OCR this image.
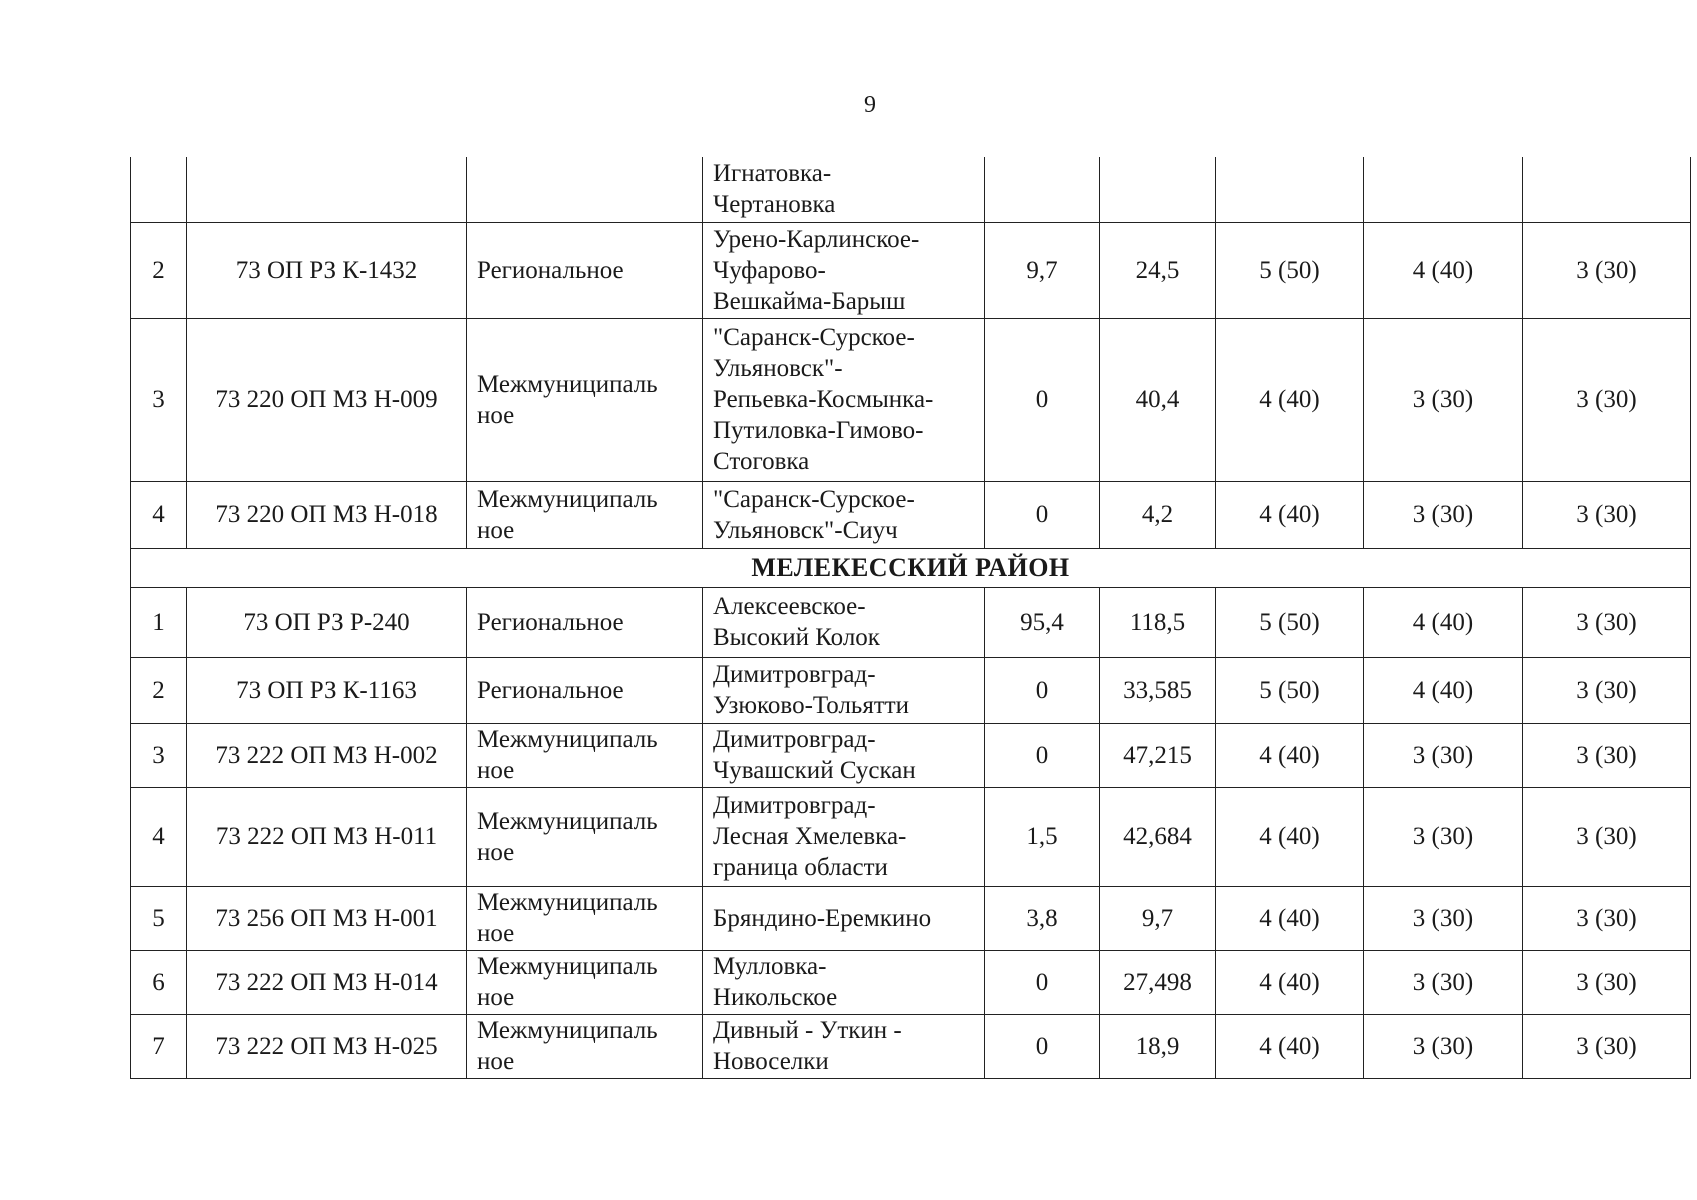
9
			Игнатовка-
Чертановка					
2	73 ОП РЗ К-1432	Региональное	Урено-Карлинское-
Чуфарово-
Вешкайма-Барыш	9,7	24,5	5 (50)	4 (40)	3 (30)
3	73 220 ОП МЗ Н-009	Межмуниципаль
ное	"Саранск-Сурское-
Ульяновск"-
Репьевка-Космынка-
Путиловка-Гимово-
Стоговка	0	40,4	4 (40)	3 (30)	3 (30)
4	73 220 ОП МЗ Н-018	Межмуниципаль
ное	"Саранск-Сурское-
Ульяновск"-Сиуч	0	4,2	4 (40)	3 (30)	3 (30)
МЕЛЕКЕССКИЙ РАЙОН								
1	73 ОП РЗ Р-240	Региональное	Алексеевское-
Высокий Колок	95,4	118,5	5 (50)	4 (40)	3 (30)
2	73 ОП РЗ К-1163	Региональное	Димитровград-
Узюково-Тольятти	0	33,585	5 (50)	4 (40)	3 (30)
3	73 222 ОП МЗ Н-002	Межмуниципаль
ное	Димитровград-
Чувашский Сускан	0	47,215	4 (40)	3 (30)	3 (30)
4	73 222 ОП МЗ Н-011	Межмуниципаль
ное	Димитровград-
Лесная Хмелевка-
граница области	1,5	42,684	4 (40)	3 (30)	3 (30)
5	73 256 ОП МЗ Н-001	Межмуниципаль
ное	Бряндино-Еремкино	3,8	9,7	4 (40)	3 (30)	3 (30)
6	73 222 ОП МЗ Н-014	Межмуниципаль
ное	Мулловка-
Никольское	0	27,498	4 (40)	3 (30)	3 (30)
7	73 222 ОП МЗ Н-025	Межмуниципаль
ное	Дивный - Уткин -
Новоселки	0	18,9	4 (40)	3 (30)	3 (30)
